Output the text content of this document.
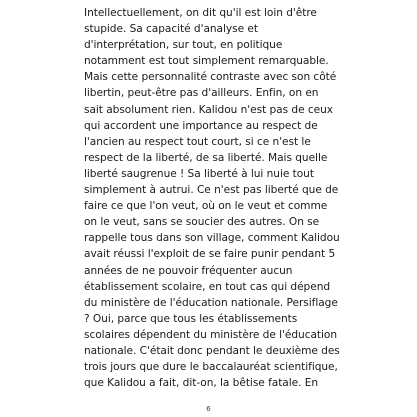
Intellectuellement, on dit qu'il est loin d'être
stupide. Sa capacité d'analyse et
d'interprétation, sur tout, en politique
notamment est tout simplement remarquable.
Mais cette personnalité contraste avec son côté
libertin, peut-être pas d'ailleurs. Enfin, on en
sait absolument rien. Kalidou n'est pas de ceux
qui accordent une importance au respect de
l'ancien au respect tout court, si ce n'est le
respect de la liberté, de sa liberté. Mais quelle
liberté saugrenue ! Sa liberté à lui nuie tout
simplement à autrui. Ce n'est pas liberté que de
faire ce que l'on veut, où on le veut et comme
on le veut, sans se soucier des autres. On se
rappelle tous dans son village, comment Kalidou
avait réussi l'exploit de se faire punir pendant 5
années de ne pouvoir fréquenter aucun
établissement scolaire, en tout cas qui dépend
du ministère de l'éducation nationale. Persiflage
? Oui, parce que tous les établissements
scolaires dépendent du ministère de l'éducation
nationale. C'était donc pendant le deuxième des
trois jours que dure le baccalauréat scientifique,
que Kalidou a fait, dit-on, la bêtise fatale. En
6
